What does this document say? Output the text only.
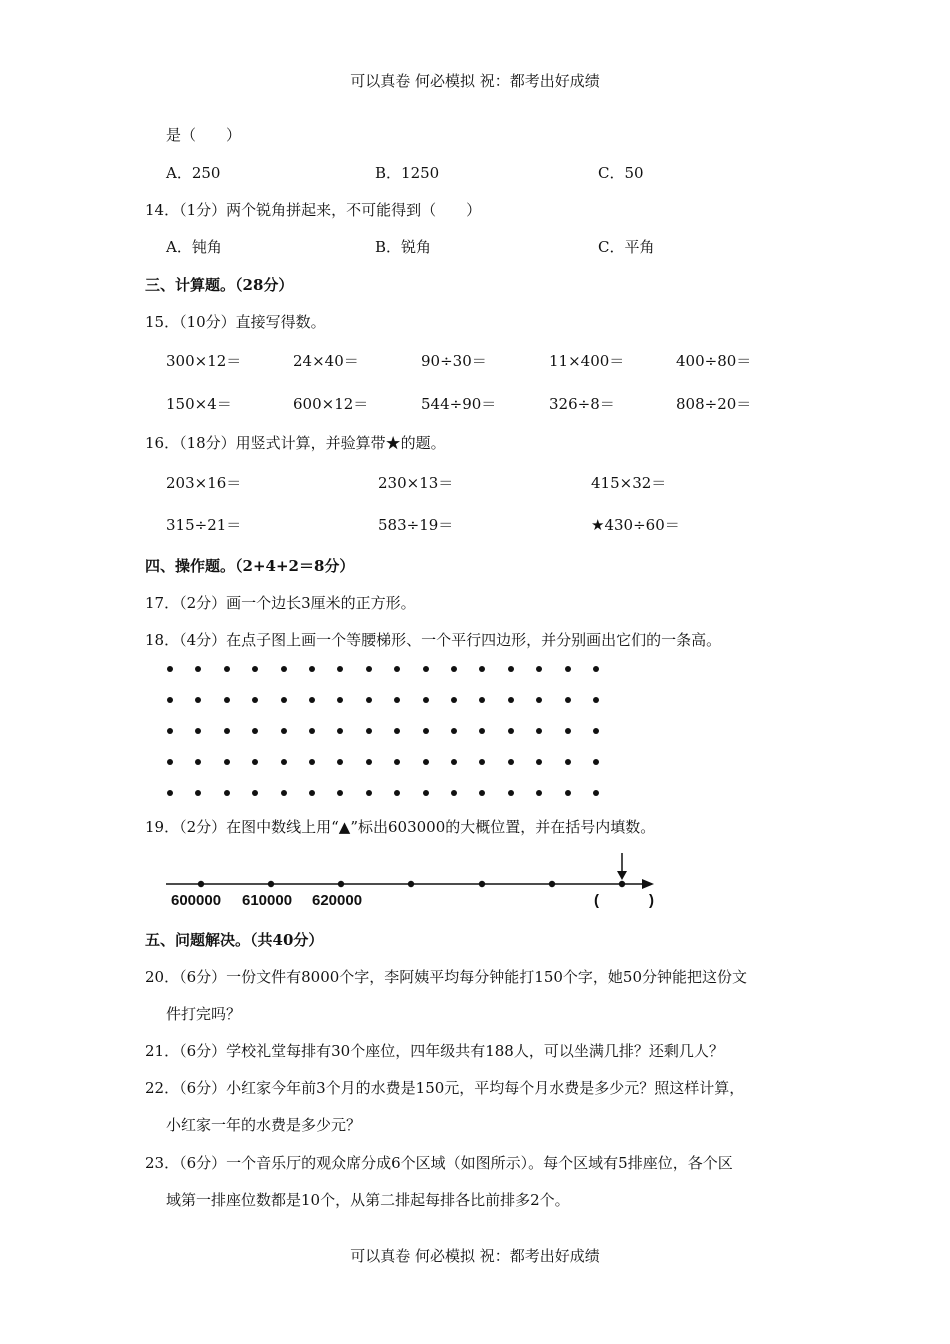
可以真卷 何必模拟 祝：都考出好成绩
是（　　）
A．250	B．1250	C．50
14．（1分）两个锐角拼起来，不可能得到（　　）
A．钝角	B．锐角	C．平角
三、计算题。（28分）
15．（10分）直接写得数。
300×12＝	24×40＝	90÷30＝	11×400＝	400÷80＝
150×4＝	600×12＝	544÷90＝	326÷8＝	808÷20＝
16．（18分）用竖式计算，并验算带★的题。
203×16＝	230×13＝	415×32＝
315÷21＝	583÷19＝	★430÷60＝
四、操作题。（2+4+2＝8分）
17．（2分）画一个边长3厘米的正方形。
18．（4分）在点子图上画一个等腰梯形、一个平行四边形，并分别画出它们的一条高。
19．（2分）在图中数线上用“▲”标出603000的大概位置，并在括号内填数。
600000 610000 620000	(	)
五、问题解决。（共40分）
20．（6分）一份文件有8000个字，李阿姨平均每分钟能打150个字，她50分钟能把这份文
件打完吗？
21．（6分）学校礼堂每排有30个座位，四年级共有188人，可以坐满几排？还剩几人？
22．（6分）小红家今年前3个月的水费是150元，平均每个月水费是多少元？照这样计算，
小红家一年的水费是多少元？
23．（6分）一个音乐厅的观众席分成6个区域（如图所示）。每个区域有5排座位，各个区
域第一排座位数都是10个，从第二排起每排各比前排多2个。
可以真卷 何必模拟 祝：都考出好成绩
